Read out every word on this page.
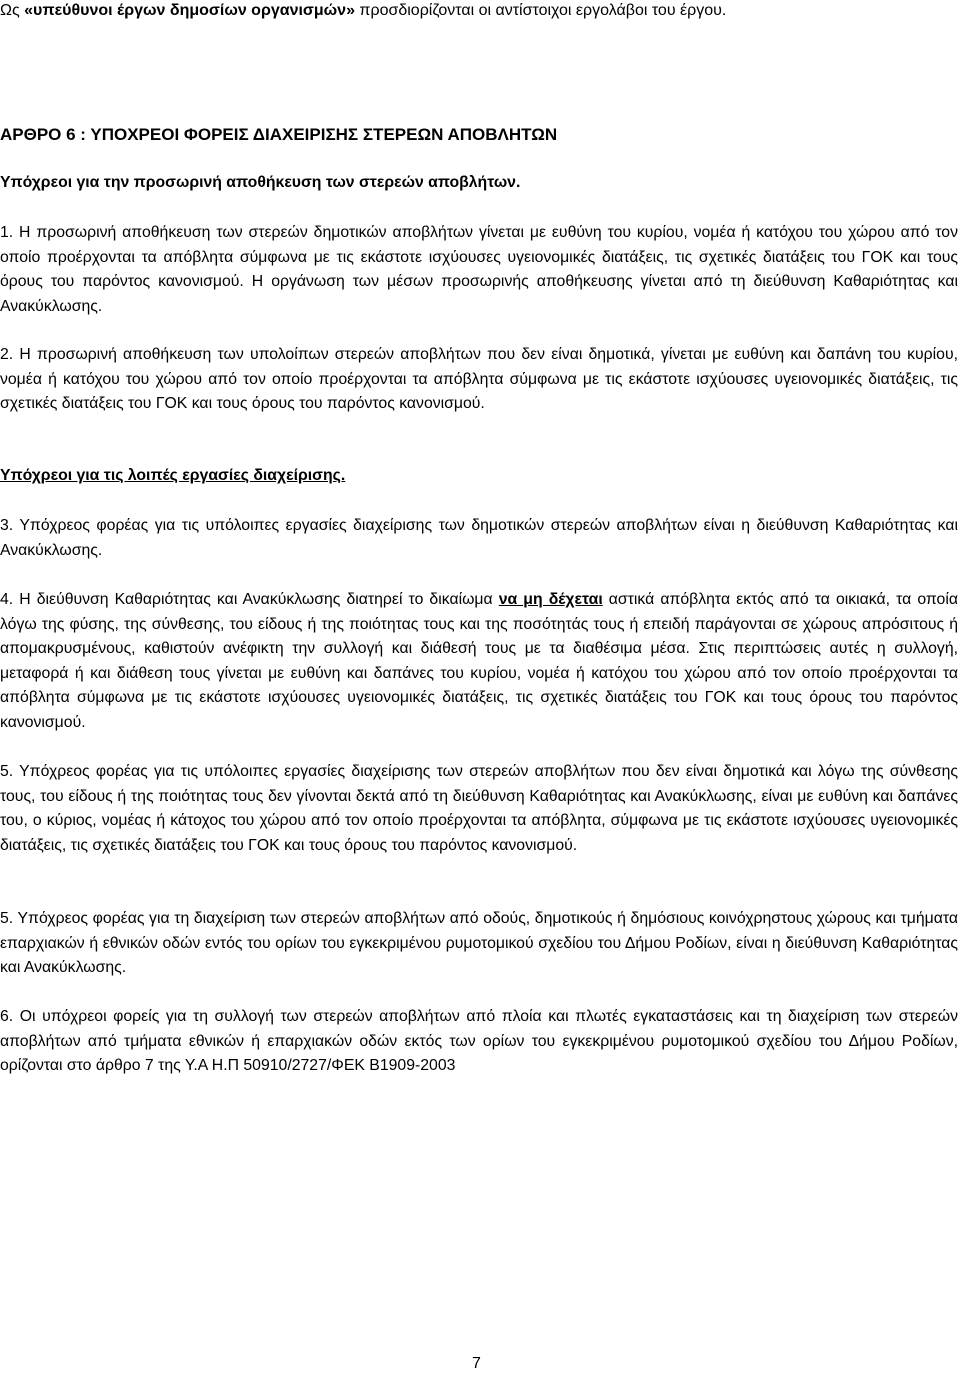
Ως «υπεύθυνοι έργων δημοσίων οργανισμών» προσδιορίζονται οι αντίστοιχοι εργολάβοι του έργου.
ΑΡΘΡΟ 6 : ΥΠΟΧΡΕΟΙ ΦΟΡΕΙΣ ΔΙΑΧΕΙΡΙΣΗΣ ΣΤΕΡΕΩΝ ΑΠΟΒΛΗΤΩΝ
Υπόχρεοι για την προσωρινή αποθήκευση των στερεών αποβλήτων.

1. Η προσωρινή αποθήκευση των στερεών δημοτικών αποβλήτων γίνεται με ευθύνη του κυρίου, νομέα ή κατόχου του χώρου από τον οποίο προέρχονται τα απόβλητα σύμφωνα με τις εκάστοτε ισχύουσες υγειονομικές διατάξεις, τις σχετικές διατάξεις του ΓΟΚ και τους όρους του παρόντος κανονισμού. Η οργάνωση των μέσων προσωρινής αποθήκευσης γίνεται από τη διεύθυνση Καθαριότητας και Ανακύκλωσης.

2. Η προσωρινή αποθήκευση των υπολοίπων στερεών αποβλήτων που δεν είναι δημοτικά, γίνεται με ευθύνη και δαπάνη του κυρίου, νομέα ή κατόχου του χώρου από τον οποίο προέρχονται τα απόβλητα σύμφωνα με τις εκάστοτε ισχύουσες υγειονομικές διατάξεις, τις σχετικές διατάξεις του ΓΟΚ και τους όρους του παρόντος κανονισμού.

Υπόχρεοι για τις λοιπές εργασίες διαχείρισης.

3. Υπόχρεος φορέας για τις υπόλοιπες εργασίες διαχείρισης των δημοτικών στερεών αποβλήτων είναι η διεύθυνση Καθαριότητας και Ανακύκλωσης.

4. Η διεύθυνση Καθαριότητας και Ανακύκλωσης διατηρεί το δικαίωμα να μη δέχεται αστικά απόβλητα εκτός από τα οικιακά, τα οποία λόγω της φύσης, της σύνθεσης, του είδους ή της ποιότητας τους και της ποσότητάς τους ή επειδή παράγονται σε χώρους απρόσιτους ή απομακρυσμένους, καθιστούν ανέφικτη την συλλογή και διάθεσή τους με τα διαθέσιμα μέσα. Στις περιπτώσεις αυτές η συλλογή, μεταφορά ή και διάθεση τους γίνεται με ευθύνη και δαπάνες του κυρίου, νομέα ή κατόχου του χώρου από τον οποίο προέρχονται τα απόβλητα σύμφωνα με τις εκάστοτε ισχύουσες υγειονομικές διατάξεις, τις σχετικές διατάξεις του ΓΟΚ και τους όρους του παρόντος κανονισμού.

5. Υπόχρεος φορέας για τις υπόλοιπες εργασίες διαχείρισης των στερεών αποβλήτων που δεν είναι δημοτικά και λόγω της σύνθεσης τους, του είδους ή της ποιότητας τους δεν γίνονται δεκτά από τη διεύθυνση Καθαριότητας και Ανακύκλωσης, είναι με ευθύνη και δαπάνες του, ο κύριος, νομέας ή κάτοχος του χώρου από τον οποίο προέρχονται τα απόβλητα, σύμφωνα με τις εκάστοτε ισχύουσες υγειονομικές διατάξεις, τις σχετικές διατάξεις του ΓΟΚ και τους όρους του παρόντος κανονισμού.

5. Υπόχρεος φορέας για τη διαχείριση των στερεών αποβλήτων από οδούς, δημοτικούς ή δημόσιους κοινόχρηστους χώρους και τμήματα επαρχιακών ή εθνικών οδών εντός του ορίων του εγκεκριμένου ρυμοτομικού σχεδίου του Δήμου Ροδίων, είναι η διεύθυνση Καθαριότητας και Ανακύκλωσης.

6. Οι υπόχρεοι φορείς για τη συλλογή των στερεών αποβλήτων από πλοία και πλωτές εγκαταστάσεις και τη διαχείριση των στερεών αποβλήτων από τμήματα εθνικών ή επαρχιακών οδών εκτός των ορίων του εγκεκριμένου ρυμοτομικού σχεδίου του Δήμου Ροδίων, ορίζονται στο άρθρο 7 της Υ.Α Η.Π 50910/2727/ΦΕΚ Β1909-2003

7
